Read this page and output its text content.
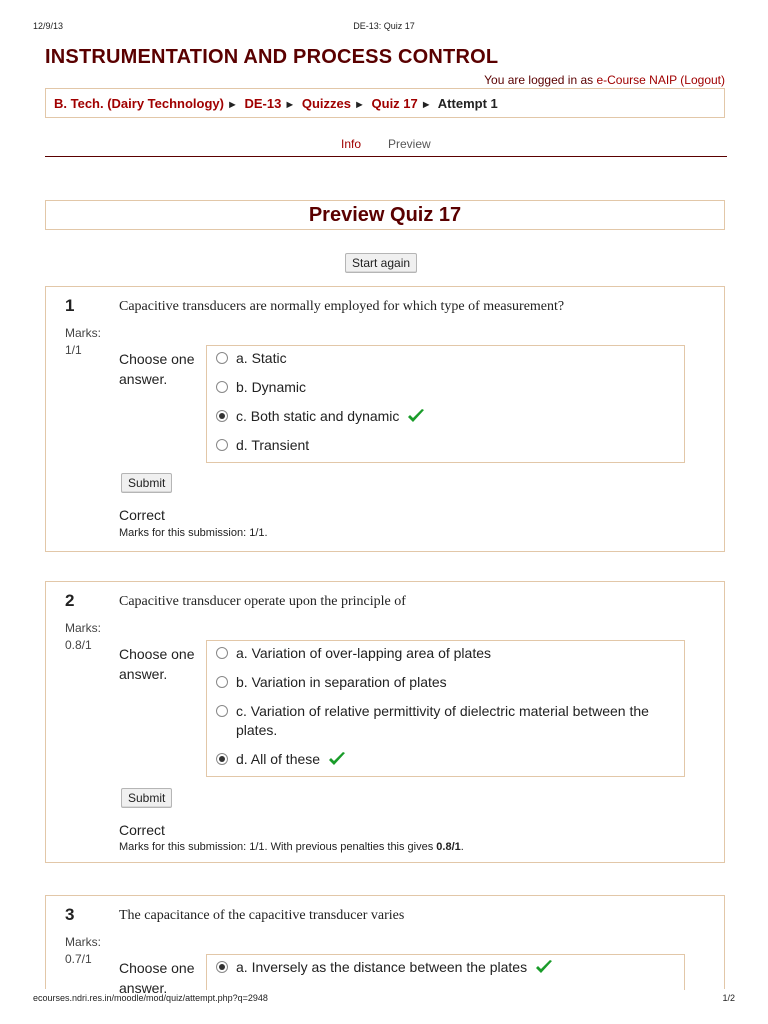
12/9/13	DE-13: Quiz 17
INSTRUMENTATION AND PROCESS CONTROL
You are logged in as e-Course NAIP (Logout)
B. Tech. (Dairy Technology) ► DE-13 ► Quizzes ► Quiz 17 ► Attempt 1
Info Preview
Preview Quiz 17
Start again
1
Marks:
1/1
Capacitive transducers are normally employed for which type of measurement?
Choose one answer.
a. Static
b. Dynamic
c. Both static and dynamic
d. Transient
Submit
Correct
Marks for this submission: 1/1.
2
Marks:
0.8/1
Capacitive transducer operate upon the principle of
Choose one answer.
a. Variation of over-lapping area of plates
b. Variation in separation of plates
c. Variation of relative permittivity of dielectric material between the plates.
d. All of these
Submit
Correct
Marks for this submission: 1/1. With previous penalties this gives 0.8/1.
3
Marks:
0.7/1
The capacitance of the capacitive transducer varies
Choose one answer.
a. Inversely as the distance between the plates
ecourses.ndri.res.in/moodle/mod/quiz/attempt.php?q=2948	1/2
